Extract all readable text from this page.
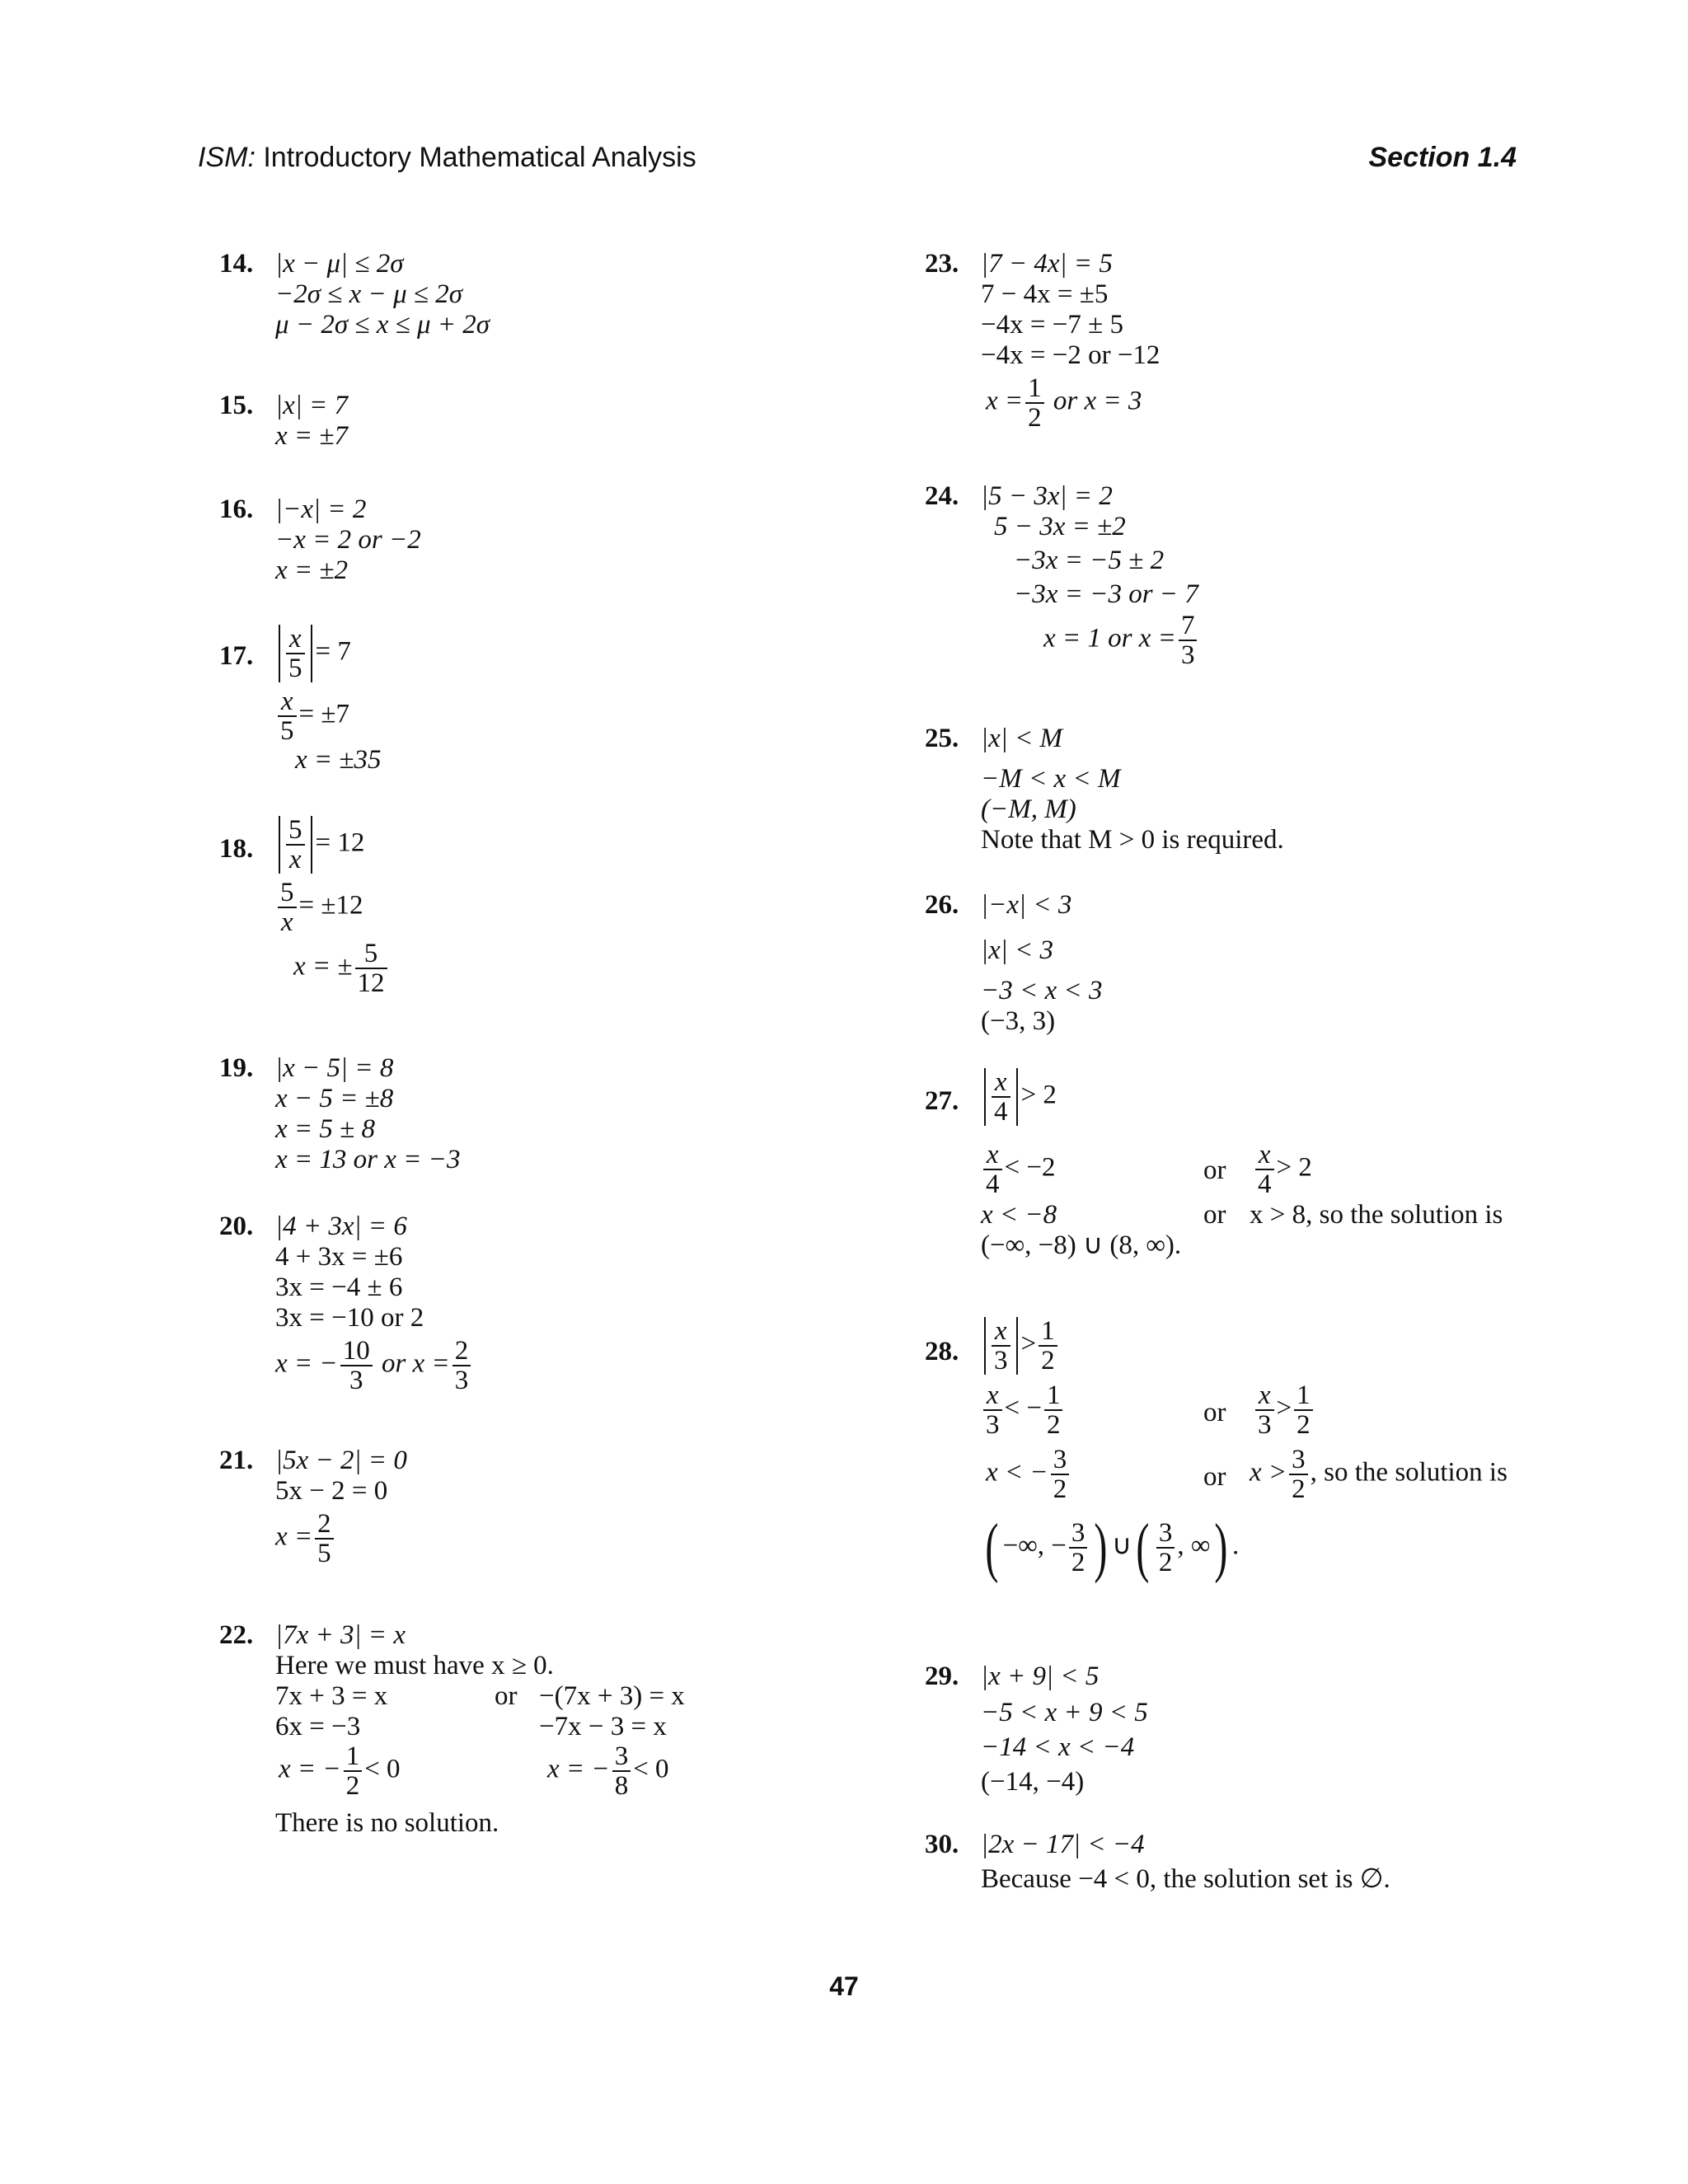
ISM: Introductory Mathematical Analysis	Section 1.4
14. |x − μ| ≤ 2σ
−2σ ≤ x − μ ≤ 2σ
μ − 2σ ≤ x ≤ μ + 2σ
15. |x| = 7
x = ±7
16. |−x| = 2
−x = 2 or −2
x = ±2
17. $\frac{x}{5} = 7$
$\frac{x}{5} = \pm 7$
x = ±35
18. $\frac{5}{x} = 12$
$\frac{5}{x} = \pm 12$
x = ± $\frac{5}{12}$
19. |x − 5| = 8
x − 5 = ±8
x = 5 ± 8
x = 13 or x = −3
20. |4 + 3x| = 6
4 + 3x = ±6
3x = −4 ± 6
3x = −10 or 2
x = − $\frac{10}{3}$ or $x = \frac{2}{3}$
21. |5x − 2| = 0
5x − 2 = 0
$x = \frac{2}{5}$
22. |7x + 3| = x
Here we must have x ≥ 0.
7x + 3 = x	or −(7x + 3) = x
6x = −3	−7x − 3 = x
x = − $\frac{1}{2} < 0$	x = − $\frac{3}{8} < 0$
There is no solution.
23. |7 − 4x| = 5
7 − 4x = ±5
−4x = −7 ± 5
−4x = −2 or −12
$x = \frac{1}{2}$ or x = 3
24. |5 − 3x| = 2
5 − 3x = ±2
−3x = −5 ± 2
−3x = −3 or − 7
x = 1 or $x = \frac{7}{3}$
25. |x| < M
−M < x < M
(−M, M)
Note that M > 0 is required.
26. |−x| < 3
|x| < 3
−3 < x < 3
(−3, 3)
27. $\frac{x}{4} > 2$
$\frac{x}{4} < -2$	or $\frac{x}{4} > 2$
x < −8	or x > 8, so the solution is
(−∞, −8) ∪ (8, ∞).
28. $\frac{x}{3} > \frac{1}{2}$
$\frac{x}{3}$ < − $\frac{1}{2}$	or $\frac{x}{3} > \frac{1}{2}$
x < − $\frac{3}{2}$	or $x > \frac{3}{2}$ , so the solution is
( −∞, − $\frac{3}{2}$ ) ∪( $\frac{3}{2}$ , ∞) .
29. |x + 9| < 5
−5 < x + 9 < 5
−14 < x < −4
(−14, −4)
30. |2x − 17| < −4
Because −4 < 0, the solution set is ∅.
47
